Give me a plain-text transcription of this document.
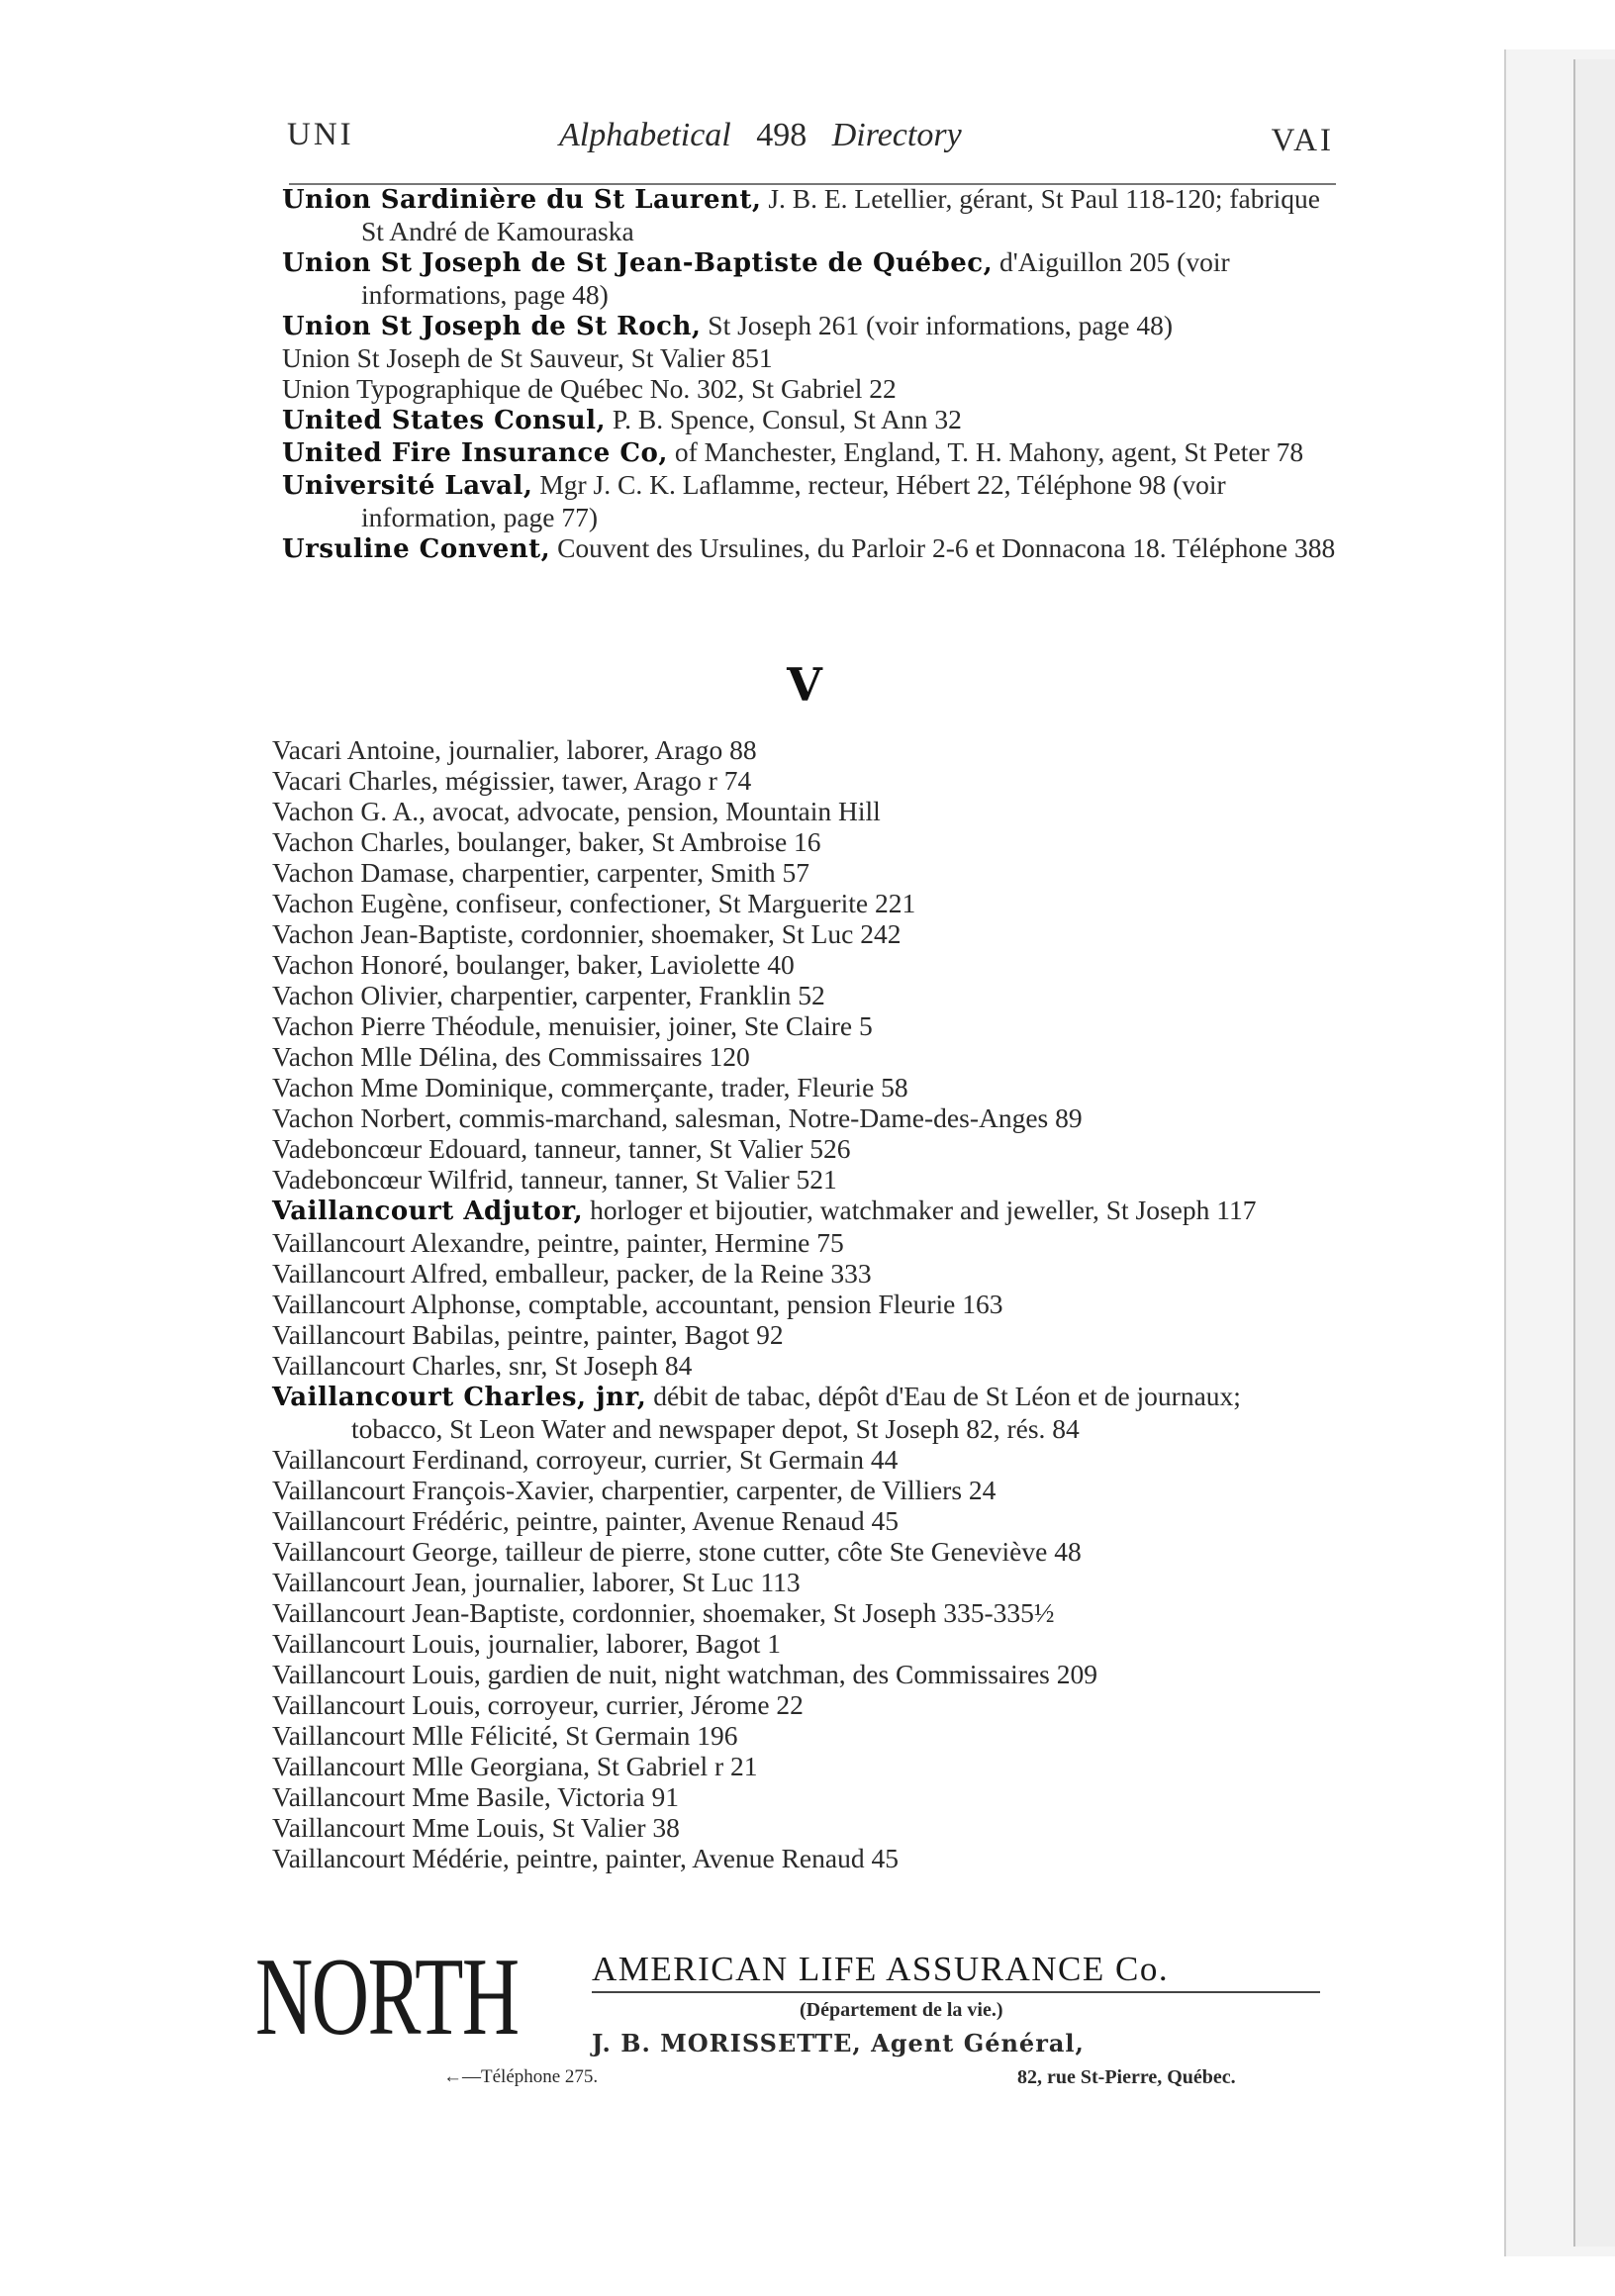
UNI	Alphabetical 498 Directory	VAI

Union Sardinière du St Laurent, J. B. E. Letellier, gérant, St Paul 118-120; fabrique St André de Kamouraska

Union St Joseph de St Jean-Baptiste de Québec, d'Aiguillon 205 (voir informations, page 48)

Union St Joseph de St Roch, St Joseph 261 (voir informations, page 48)

Union St Joseph de St Sauveur, St Valier 851

Union Typographique de Québec No. 302, St Gabriel 22

United States Consul, P. B. Spence, Consul, St Ann 32

United Fire Insurance Co, of Manchester, England, T. H. Mahony, agent, St Peter 78

Université Laval, Mgr J. C. K. Laflamme, recteur, Hébert 22, Téléphone 98 (voir information, page 77)

Ursuline Convent, Couvent des Ursulines, du Parloir 2-6 et Donnacona 18. Téléphone 388

V

Vacari Antoine, journalier, laborer, Arago 88

Vacari Charles, mégissier, tawer, Arago r 74

Vachon G. A., avocat, advocate, pension, Mountain Hill

Vachon Charles, boulanger, baker, St Ambroise 16

Vachon Damase, charpentier, carpenter, Smith 57

Vachon Eugène, confiseur, confectioner, St Marguerite 221

Vachon Jean-Baptiste, cordonnier, shoemaker, St Luc 242

Vachon Honoré, boulanger, baker, Laviolette 40

Vachon Olivier, charpentier, carpenter, Franklin 52

Vachon Pierre Théodule, menuisier, joiner, Ste Claire 5

Vachon Mlle Délina, des Commissaires 120

Vachon Mme Dominique, commerçante, trader, Fleurie 58

Vachon Norbert, commis-marchand, salesman, Notre-Dame-des-Anges 89

Vadeboncœur Edouard, tanneur, tanner, St Valier 526

Vadeboncœur Wilfrid, tanneur, tanner, St Valier 521

Vaillancourt Adjutor, horloger et bijoutier, watchmaker and jeweller, St Joseph 117

Vaillancourt Alexandre, peintre, painter, Hermine 75

Vaillancourt Alfred, emballeur, packer, de la Reine 333

Vaillancourt Alphonse, comptable, accountant, pension Fleurie 163

Vaillancourt Babilas, peintre, painter, Bagot 92

Vaillancourt Charles, snr, St Joseph 84

Vaillancourt Charles, jnr, débit de tabac, dépôt d'Eau de St Léon et de journaux; tobacco, St Leon Water and newspaper depot, St Joseph 82, rés. 84

Vaillancourt Ferdinand, corroyeur, currier, St Germain 44

Vaillancourt François-Xavier, charpentier, carpenter, de Villiers 24

Vaillancourt Frédéric, peintre, painter, Avenue Renaud 45

Vaillancourt George, tailleur de pierre, stone cutter, côte Ste Geneviève 48

Vaillancourt Jean, journalier, laborer, St Luc 113

Vaillancourt Jean-Baptiste, cordonnier, shoemaker, St Joseph 335-335½

Vaillancourt Louis, journalier, laborer, Bagot 1

Vaillancourt Louis, gardien de nuit, night watchman, des Commissaires 209

Vaillancourt Louis, corroyeur, currier, Jérome 22

Vaillancourt Mlle Félicité, St Germain 196

Vaillancourt Mlle Georgiana, St Gabriel r 21

Vaillancourt Mme Basile, Victoria 91

Vaillancourt Mme Louis, St Valier 38

Vaillancourt Médérie, peintre, painter, Avenue Renaud 45

NORTH AMERICAN LIFE ASSURANCE Co.
(Département de la vie.)
J. B. MORISSETTE, Agent Général,
←—Téléphone 275.	82, rue St-Pierre, Québec.
